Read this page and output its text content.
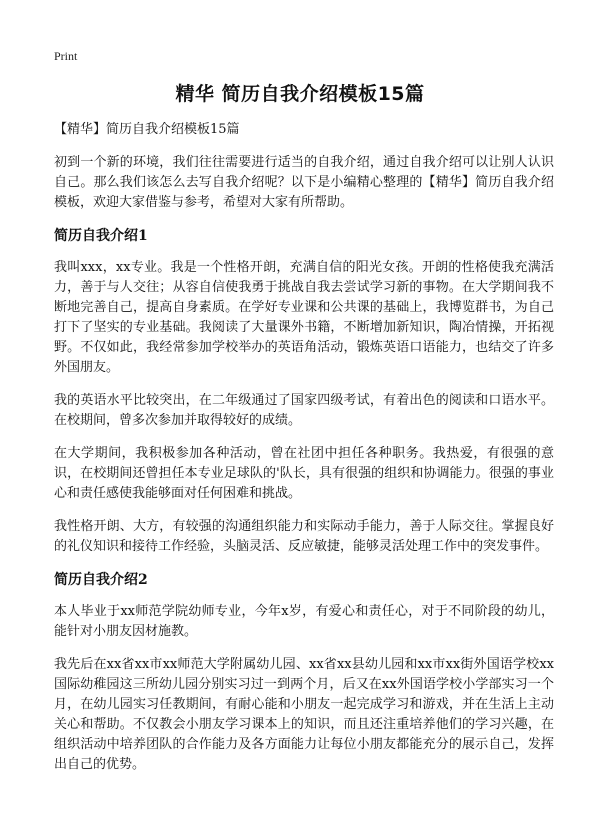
Print
精华 简历自我介绍模板15篇
【精华】简历自我介绍模板15篇

初到一个新的环境，我们往往需要进行适当的自我介绍，通过自我介绍可以让别人认识自己。那么我们该怎么去写自我介绍呢？以下是小编精心整理的【精华】简历自我介绍模板，欢迎大家借鉴与参考，希望对大家有所帮助。

简历自我介绍1

我叫xxx，xx专业。我是一个性格开朗，充满自信的阳光女孩。开朗的性格使我充满活力，善于与人交往；从容自信使我勇于挑战自我去尝试学习新的事物。在大学期间我不断地完善自己，提高自身素质。在学好专业课和公共课的基础上，我博览群书，为自己打下了坚实的专业基础。我阅读了大量课外书籍，不断增加新知识，陶冶情操，开拓视野。不仅如此，我经常参加学校举办的英语角活动，锻炼英语口语能力，也结交了许多外国朋友。

我的英语水平比较突出，在二年级通过了国家四级考试，有着出色的阅读和口语水平。在校期间，曾多次参加并取得较好的成绩。

在大学期间，我积极参加各种活动，曾在社团中担任各种职务。我热爱，有很强的意识，在校期间还曾担任本专业足球队的'队长，具有很强的组织和协调能力。很强的事业心和责任感使我能够面对任何困难和挑战。

我性格开朗、大方，有较强的沟通组织能力和实际动手能力，善于人际交往。掌握良好的礼仪知识和接待工作经验，头脑灵活、反应敏捷，能够灵活处理工作中的突发事件。

简历自我介绍2

本人毕业于xx师范学院幼师专业，今年x岁，有爱心和责任心，对于不同阶段的幼儿，能针对小朋友因材施教。

我先后在xx省xx市xx师范大学附属幼儿园、xx省xx县幼儿园和xx市xx街外国语学校xx国际幼稚园这三所幼儿园分别实习过一到两个月，后又在xx外国语学校小学部实习一个月，在幼儿园实习任教期间，有耐心能和小朋友一起完成学习和游戏，并在生活上主动关心和帮助。不仅教会小朋友学习课本上的知识，而且还注重培养他们的学习兴趣，在组织活动中培养团队的合作能力及各方面能力让每位小朋友都能充分的展示自己，发挥出自己的优势。
